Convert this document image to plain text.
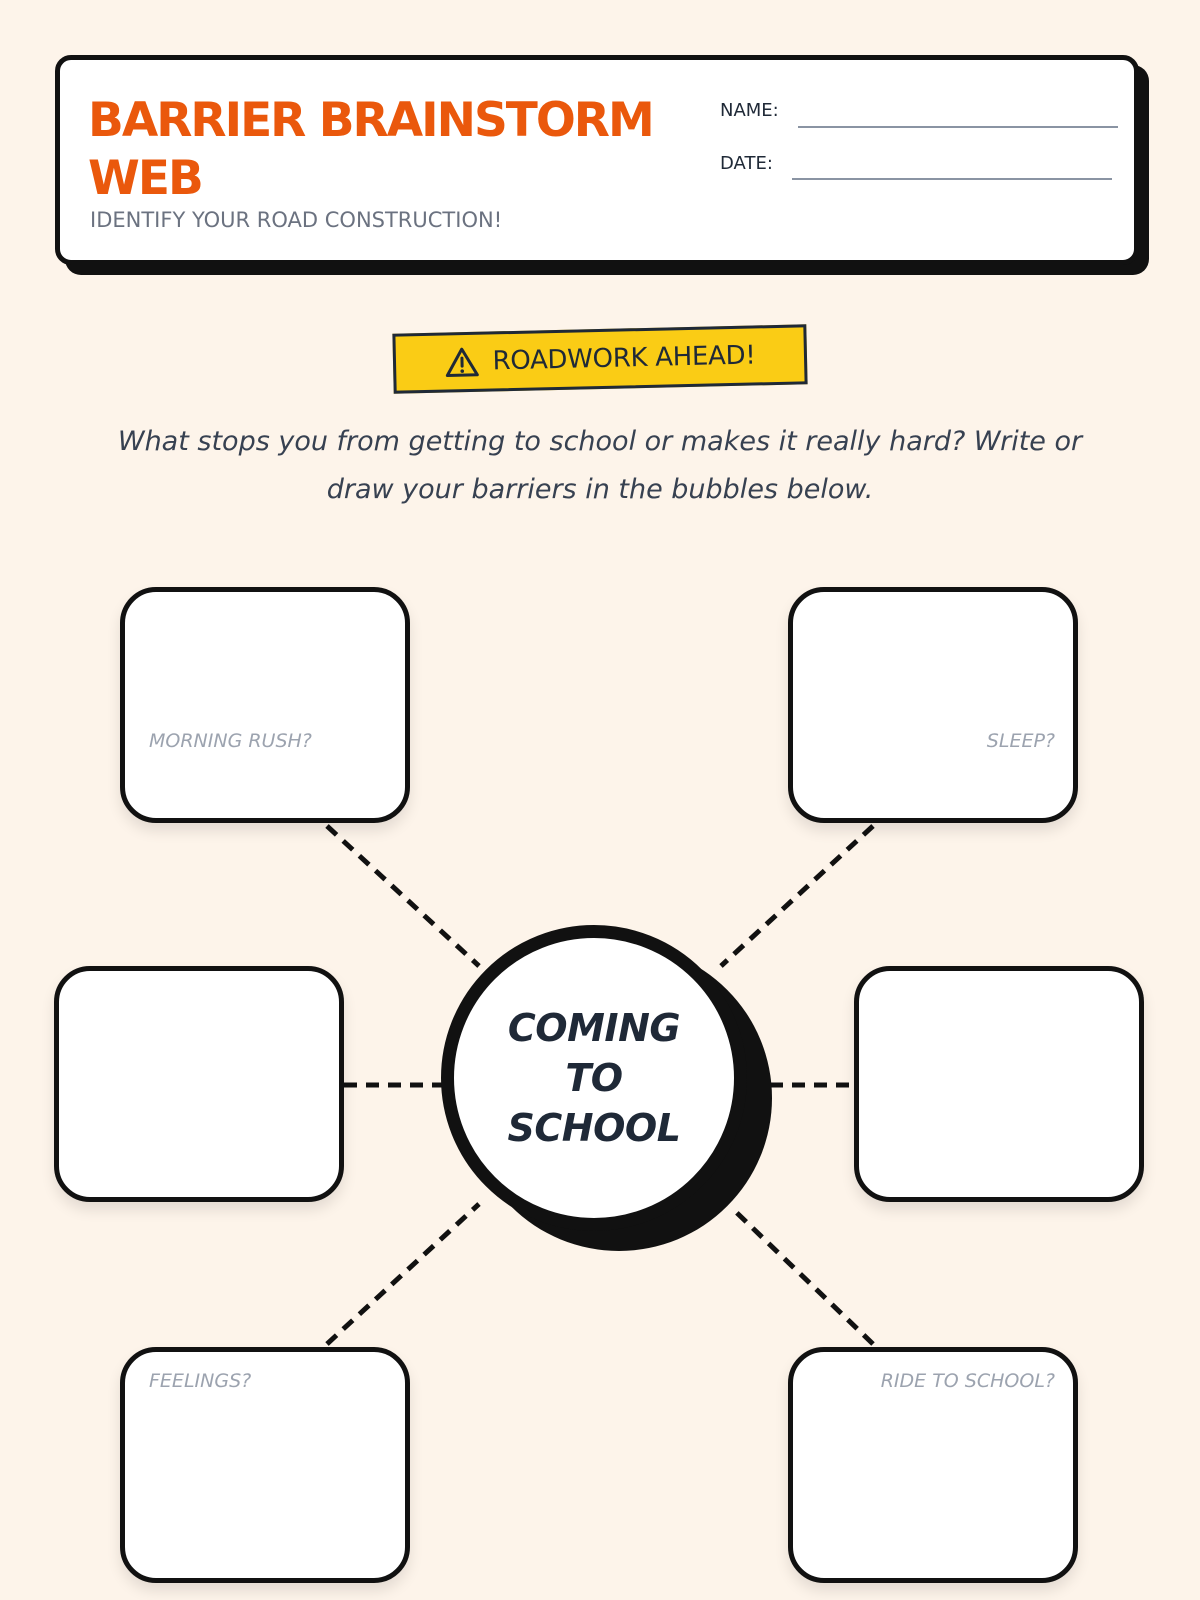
BARRIER BRAINSTORM WEB

IDENTIFY YOUR ROAD CONSTRUCTION!

NAME:
DATE:
ROADWORK AHEAD!

What stops you from getting to school or makes it really hard? Write or draw your barriers in the bubbles below.

MORNING RUSH?	SLEEP?
FEELINGS?	RIDE TO SCHOOL?
COMING TO SCHOOL
